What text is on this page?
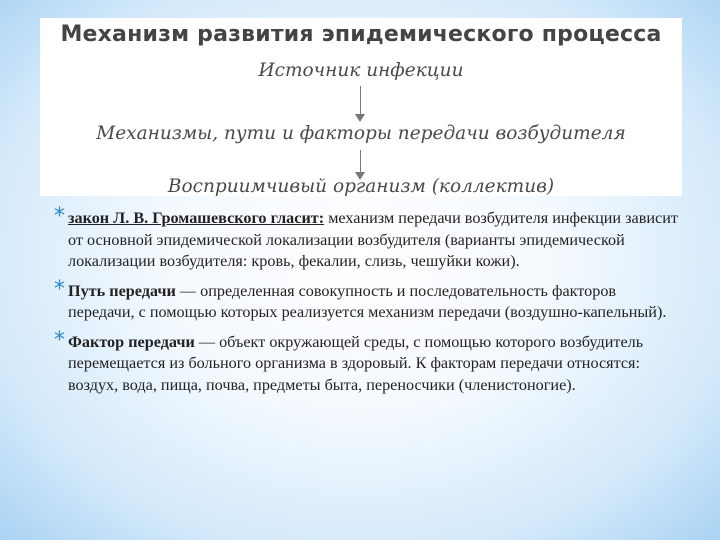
Механизм развития эпидемического процесса
Источник инфекции
Механизмы, пути и факторы передачи возбудителя
Восприимчивый организм (коллектив)
* закон Л. В. Громашевского гласит: механизм передачи возбудителя инфекции зависит от основной эпидемической локализации возбудителя (варианты эпидемической локализации возбудителя: кровь, фекалии, слизь, чешуйки кожи).
* Путь передачи — определенная совокупность и последовательность факторов передачи, с помощью которых реализуется механизм передачи (воздушно-капельный).
* Фактор передачи — объект окружающей среды, с помощью которого возбудитель перемещается из больного организма в здоровый. К факторам передачи относятся: воздух, вода, пища, почва, предметы быта, переносчики (членистоногие).
